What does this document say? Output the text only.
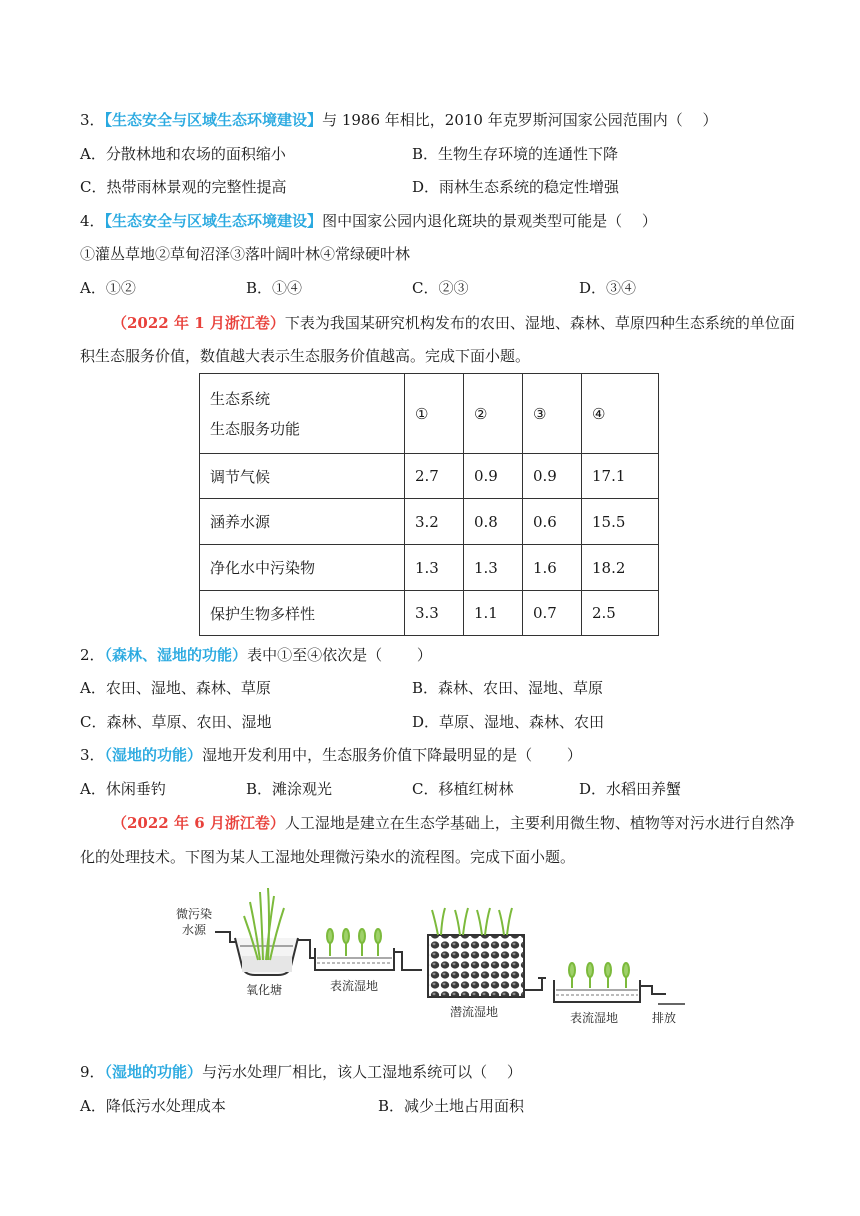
3．【生态安全与区域生态环境建设】与 1986 年相比，2010 年克罗斯河国家公园范围内（　 ）
A．分散林地和农场的面积缩小	B．生物生存环境的连通性下降
C．热带雨林景观的完整性提高	D．雨林生态系统的稳定性增强
4．【生态安全与区域生态环境建设】图中国家公园内退化斑块的景观类型可能是（　 ）
①灌丛草地②草甸沼泽③落叶阔叶林④常绿硬叶林
A．①②	B．①④	C．②③	D．③④
（2022 年 1 月浙江卷）下表为我国某研究机构发布的农田、湿地、森林、草原四种生态系统的单位面
积生态服务价值，数值越大表示生态服务价值越高。完成下面小题。
生态系统
生态服务功能	①	②	③	④
调节气候	2.7	0.9	0.9	17.1
涵养水源	3.2	0.8	0.6	15.5
净化水中污染物	1.3	1.3	1.6	18.2
保护生物多样性	3.3	1.1	0.7	2.5
2．（森林、湿地的功能）表中①至④依次是（　　 ）
A．农田、湿地、森林、草原	B．森林、农田、湿地、草原
C．森林、草原、农田、湿地	D．草原、湿地、森林、农田
3．（湿地的功能）湿地开发利用中，生态服务价值下降最明显的是（　　 ）
A．休闲垂钓	B．滩涂观光	C．移植红树林	D．水稻田养蟹
（2022 年 6 月浙江卷）人工湿地是建立在生态学基础上，主要利用微生物、植物等对污水进行自然净
化的处理技术。下图为某人工湿地处理微污染水的流程图。完成下面小题。
微污染
水源
氧化塘	表流湿地
潜流湿地	表流湿地	排放
9．（湿地的功能）与污水处理厂相比，该人工湿地系统可以（　 ）
A．降低污水处理成本	B．减少土地占用面积
